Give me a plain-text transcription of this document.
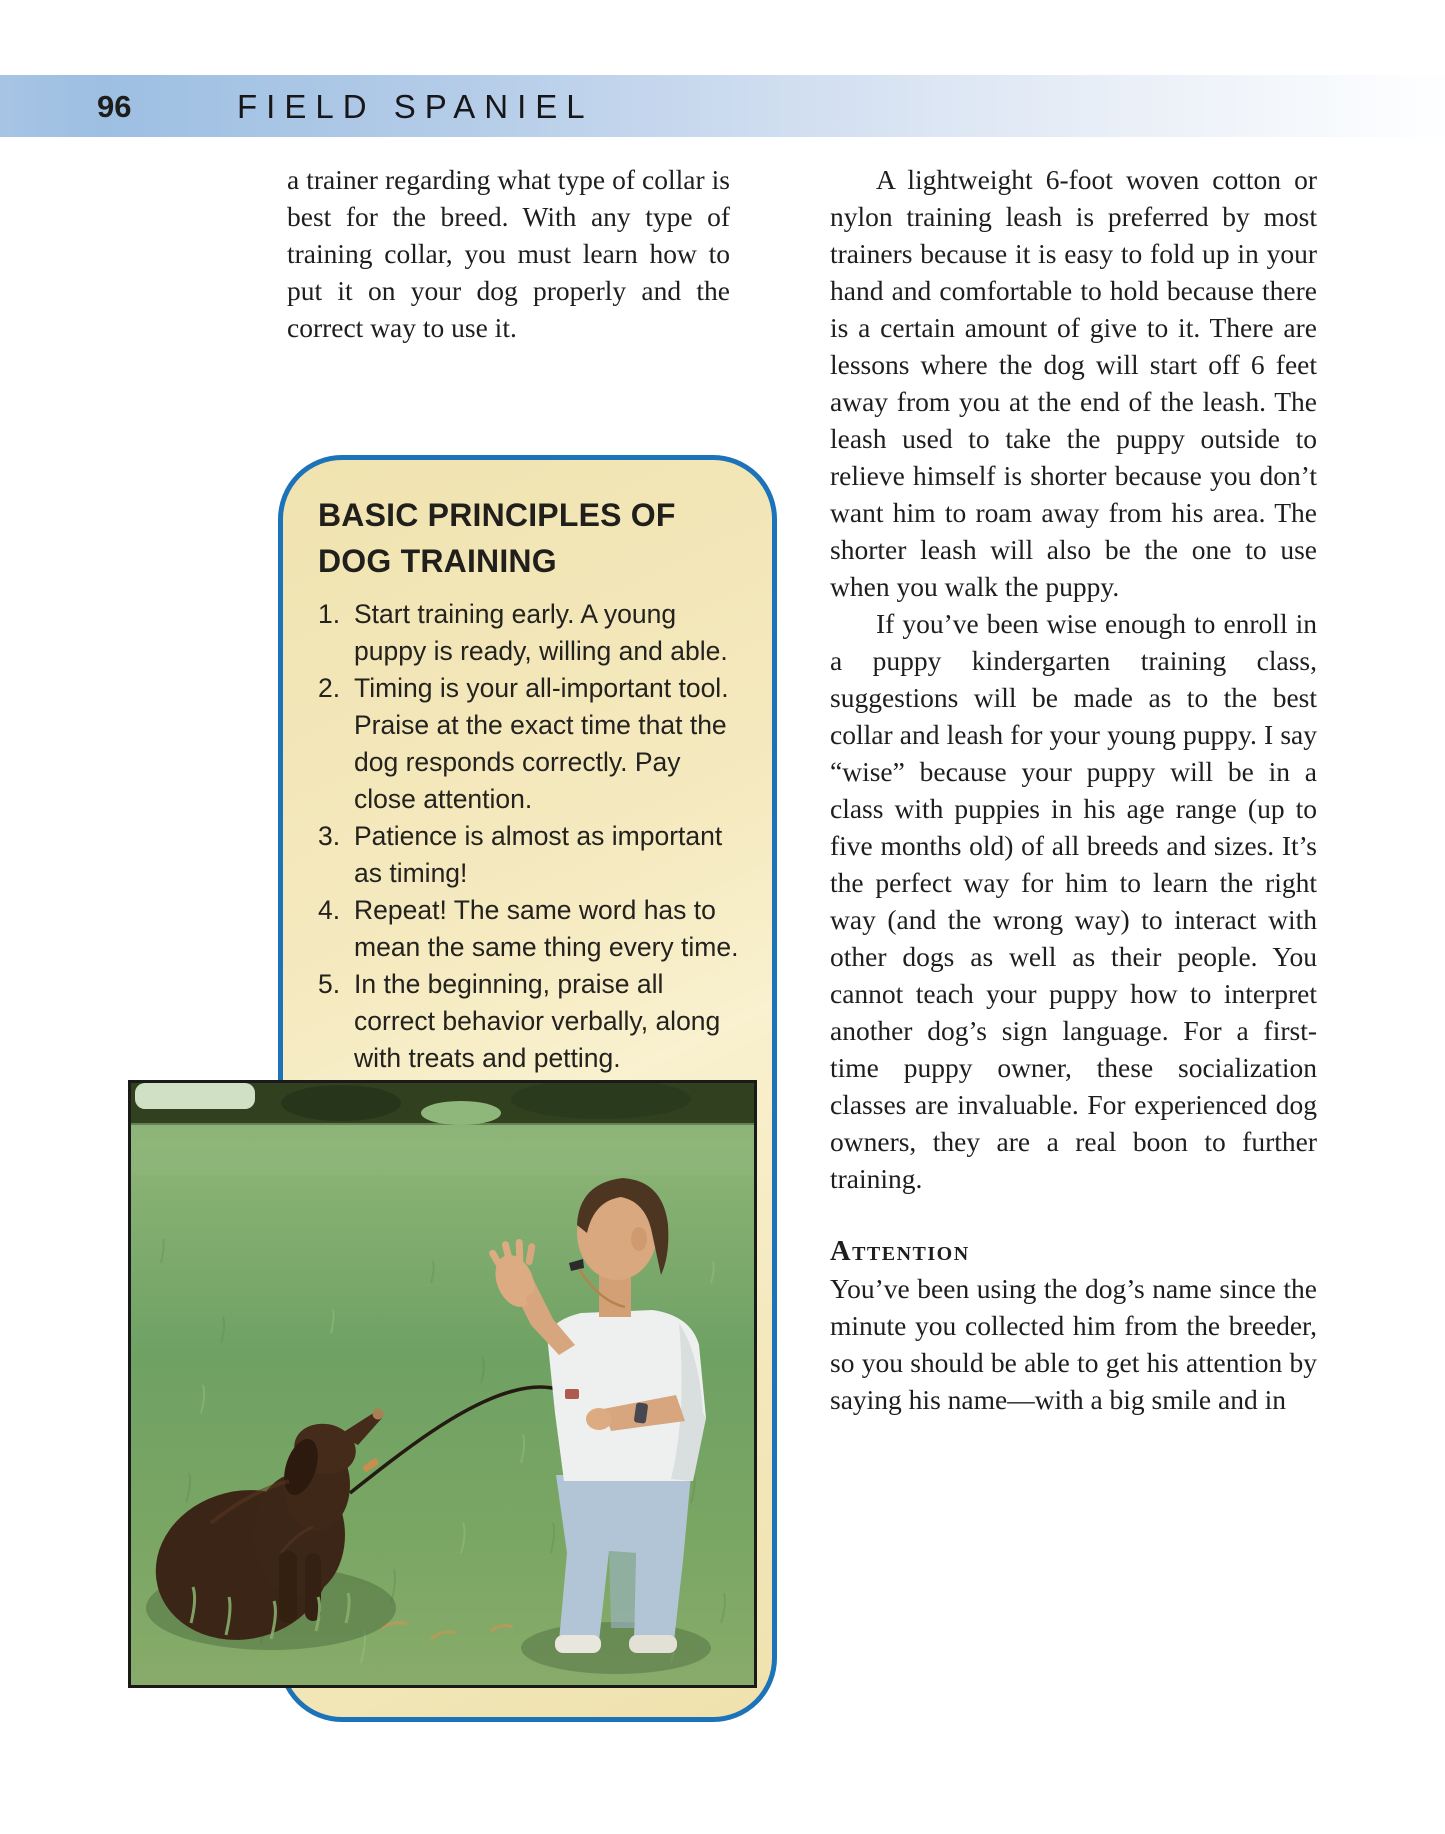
96	FIELD SPANIEL

a trainer regarding what type of collar is best for the breed. With any type of training collar, you must learn how to put it on your dog properly and the correct way to use it.

BASIC PRINCIPLES OF DOG TRAINING

1. Start training early. A young puppy is ready, willing and able.
2. Timing is your all-important tool. Praise at the exact time that the dog responds correctly. Pay close attention.
3. Patience is almost as important as timing!
4. Repeat! The same word has to mean the same thing every time.
5. In the beginning, praise all correct behavior verbally, along with treats and petting.

A lightweight 6-foot woven cotton or nylon training leash is preferred by most trainers because it is easy to fold up in your hand and comfortable to hold because there is a certain amount of give to it. There are lessons where the dog will start off 6 feet away from you at the end of the leash. The leash used to take the puppy outside to relieve himself is shorter because you don’t want him to roam away from his area. The shorter leash will also be the one to use when you walk the puppy.

If you’ve been wise enough to enroll in a puppy kindergarten training class, suggestions will be made as to the best collar and leash for your young puppy. I say “wise” because your puppy will be in a class with puppies in his age range (up to five months old) of all breeds and sizes. It’s the perfect way for him to learn the right way (and the wrong way) to interact with other dogs as well as their people. You cannot teach your puppy how to interpret another dog’s sign language. For a first-time puppy owner, these socialization classes are invaluable. For experienced dog owners, they are a real boon to further training.

Attention

You’ve been using the dog’s name since the minute you collected him from the breeder, so you should be able to get his attention by saying his name—with a big smile and in
